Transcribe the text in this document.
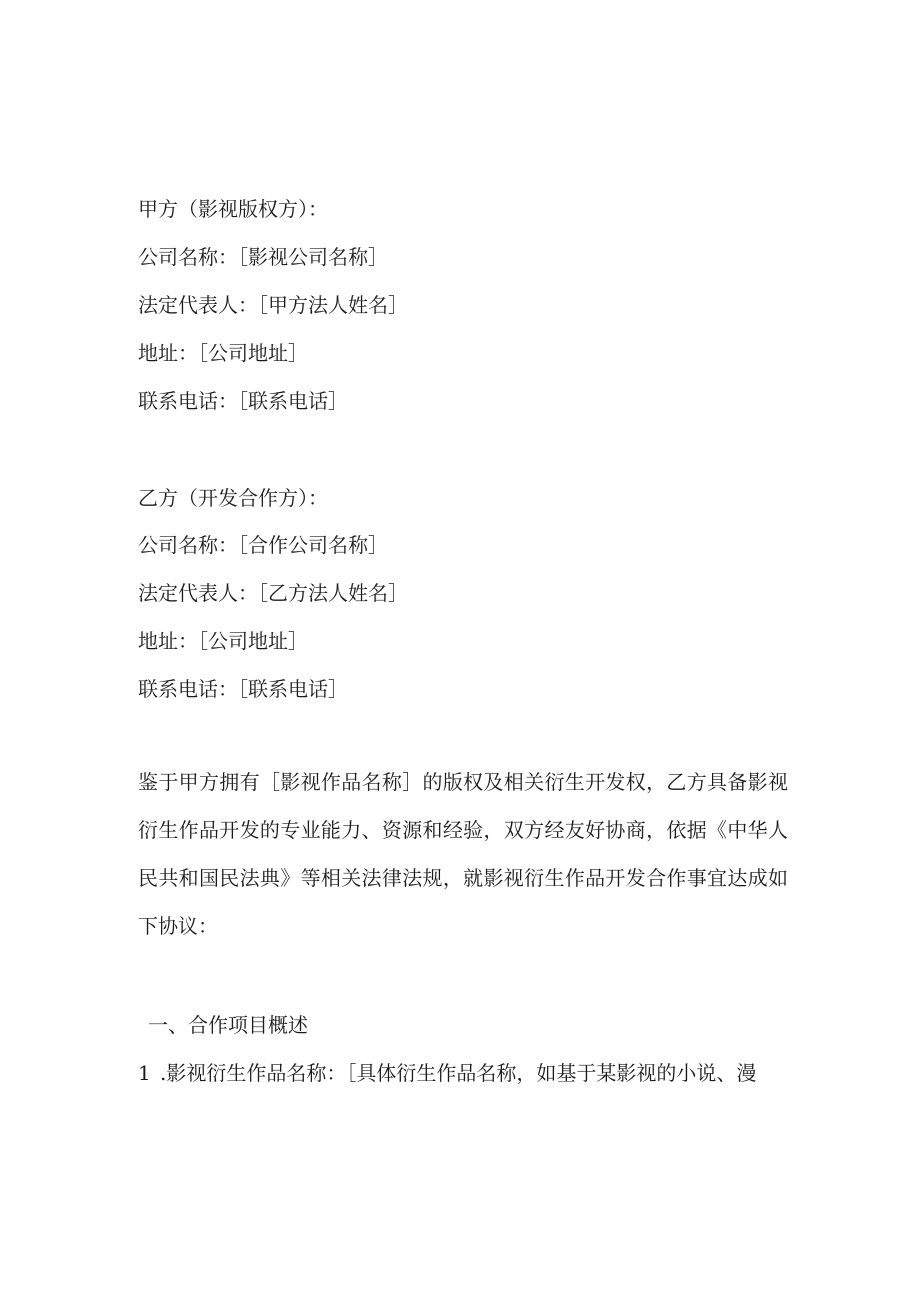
甲方（影视版权方）：
公司名称：［影视公司名称］
法定代表人：［甲方法人姓名］
地址：［公司地址］
联系电话：［联系电话］
乙方（开发合作方）：
公司名称：［合作公司名称］
法定代表人：［乙方法人姓名］
地址：［公司地址］
联系电话：［联系电话］
鉴于甲方拥有［影视作品名称］的版权及相关衍生开发权，乙方具备影视衍生作品开发的专业能力、资源和经验，双方经友好协商，依据《中华人民共和国民法典》等相关法律法规，就影视衍生作品开发合作事宜达成如下协议：
一、合作项目概述
1 .影视衍生作品名称：［具体衍生作品名称，如基于某影视的小说、漫
